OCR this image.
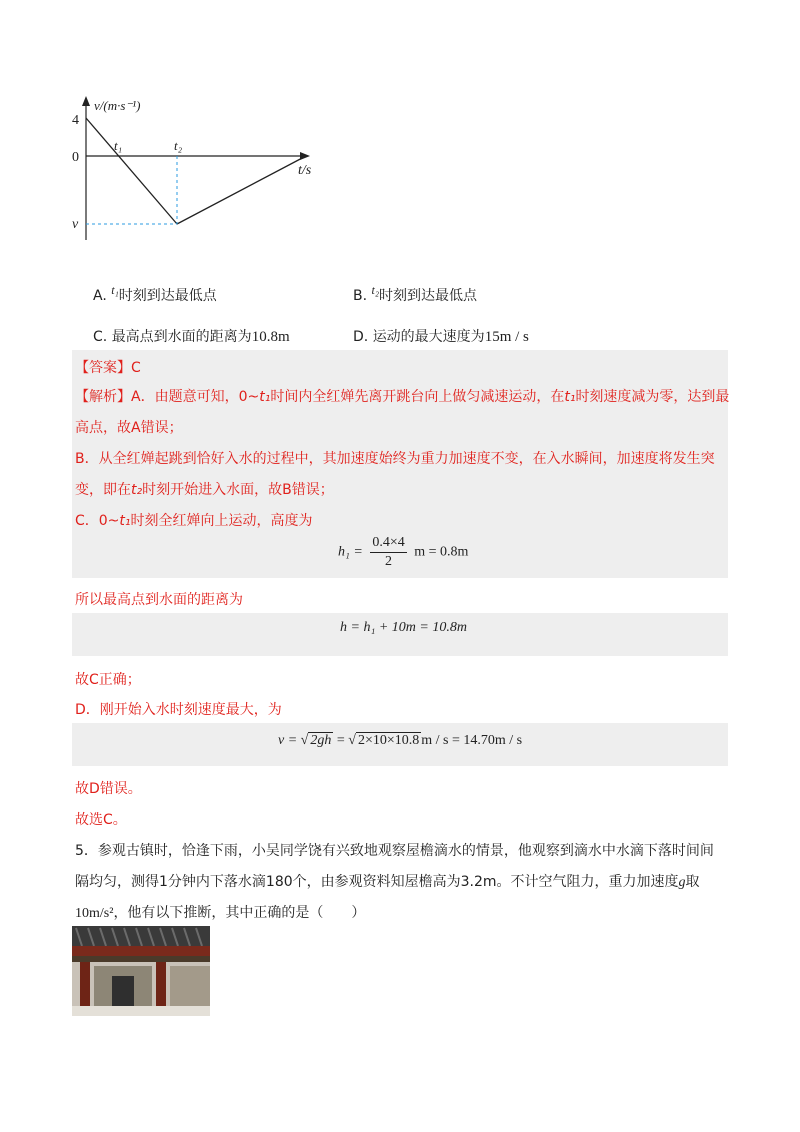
v/(m·s⁻¹)
4
0
v
t₁	t₂
t/s
A. t₁时刻到达最低点	B. t₂时刻到达最低点
C. 最高点到水面的距离为10.8m	D. 运动的最大速度为15m / s

【答案】C

【解析】A．由题意可知，0~t₁时间内全红婵先离开跳台向上做匀减速运动，在t₁时刻速度减为零，达到最

高点，故A错误；

B．从全红婵起跳到恰好入水的过程中，其加速度始终为重力加速度不变，在入水瞬间，加速度将发生突

变，即在t₂时刻开始进入水面，故B错误；

C．0~t₁时刻全红婵向上运动，高度为

$h_1 = \frac{0.4\times 4}{2}$ m = 0.8m

所以最高点到水面的距离为

h = h₁ + 10m = 10.8m

故C正确；

D．刚开始入水时刻速度最大，为

v = √ 2gh = √ 2×10×10.8 m / s = 14.70m / s

故D错误。

故选C。

5．参观古镇时，恰逢下雨，小吴同学饶有兴致地观察屋檐滴水的情景，他观察到滴水中水滴下落时间间

隔均匀，测得1分钟内下落水滴180个，由参观资料知屋檐高为3.2m。不计空气阻力，重力加速度g取

10m/s²，他有以下推断，其中正确的是（　　）
